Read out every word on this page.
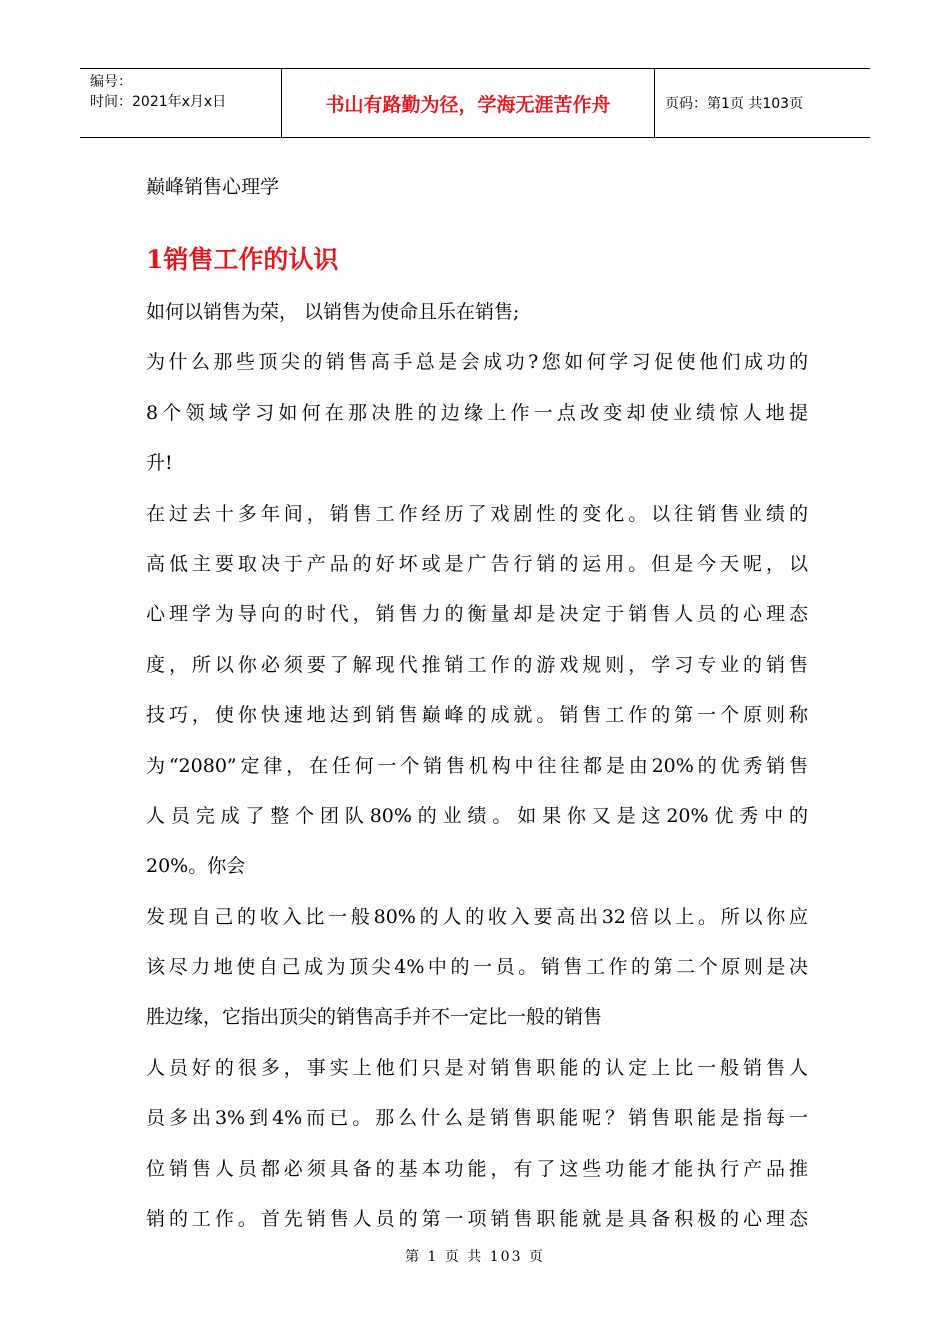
编号：
时间：2021年x月x日	书山有路勤为径，学海无涯苦作舟	页码：第1页 共103页
巅峰销售心理学
1销售工作的认识
如何以销售为荣， 以销售为使命且乐在销售;
为什么那些顶尖的销售高手总是会成功?您如何学习促使他们成功的
8个领域学习如何在那决胜的边缘上作一点改变却使业绩惊人地提
升!
在过去十多年间，销售工作经历了戏剧性的变化。以往销售业绩的
高低主要取决于产品的好坏或是广告行销的运用。但是今天呢，以
心理学为导向的时代，销售力的衡量却是决定于销售人员的心理态
度，所以你必须要了解现代推销工作的游戏规则，学习专业的销售
技巧，使你快速地达到销售巅峰的成就。销售工作的第一个原则称
为“2080”定律，在任何一个销售机构中往往都是由20%的优秀销售
人员完成了整个团队80%的业绩。如果你又是这20%优秀中的
20%。你会
发现自己的收入比一般80%的人的收入要高出32倍以上。所以你应
该尽力地使自己成为顶尖4%中的一员。销售工作的第二个原则是决
胜边缘，它指出顶尖的销售高手并不一定比一般的销售
人员好的很多，事实上他们只是对销售职能的认定上比一般销售人
员多出3%到4%而已。那么什么是销售职能呢？销售职能是指每一
位销售人员都必须具备的基本功能，有了这些功能才能执行产品推
销的工作。首先销售人员的第一项销售职能就是具备积极的心理态
第 1 页 共 103 页
